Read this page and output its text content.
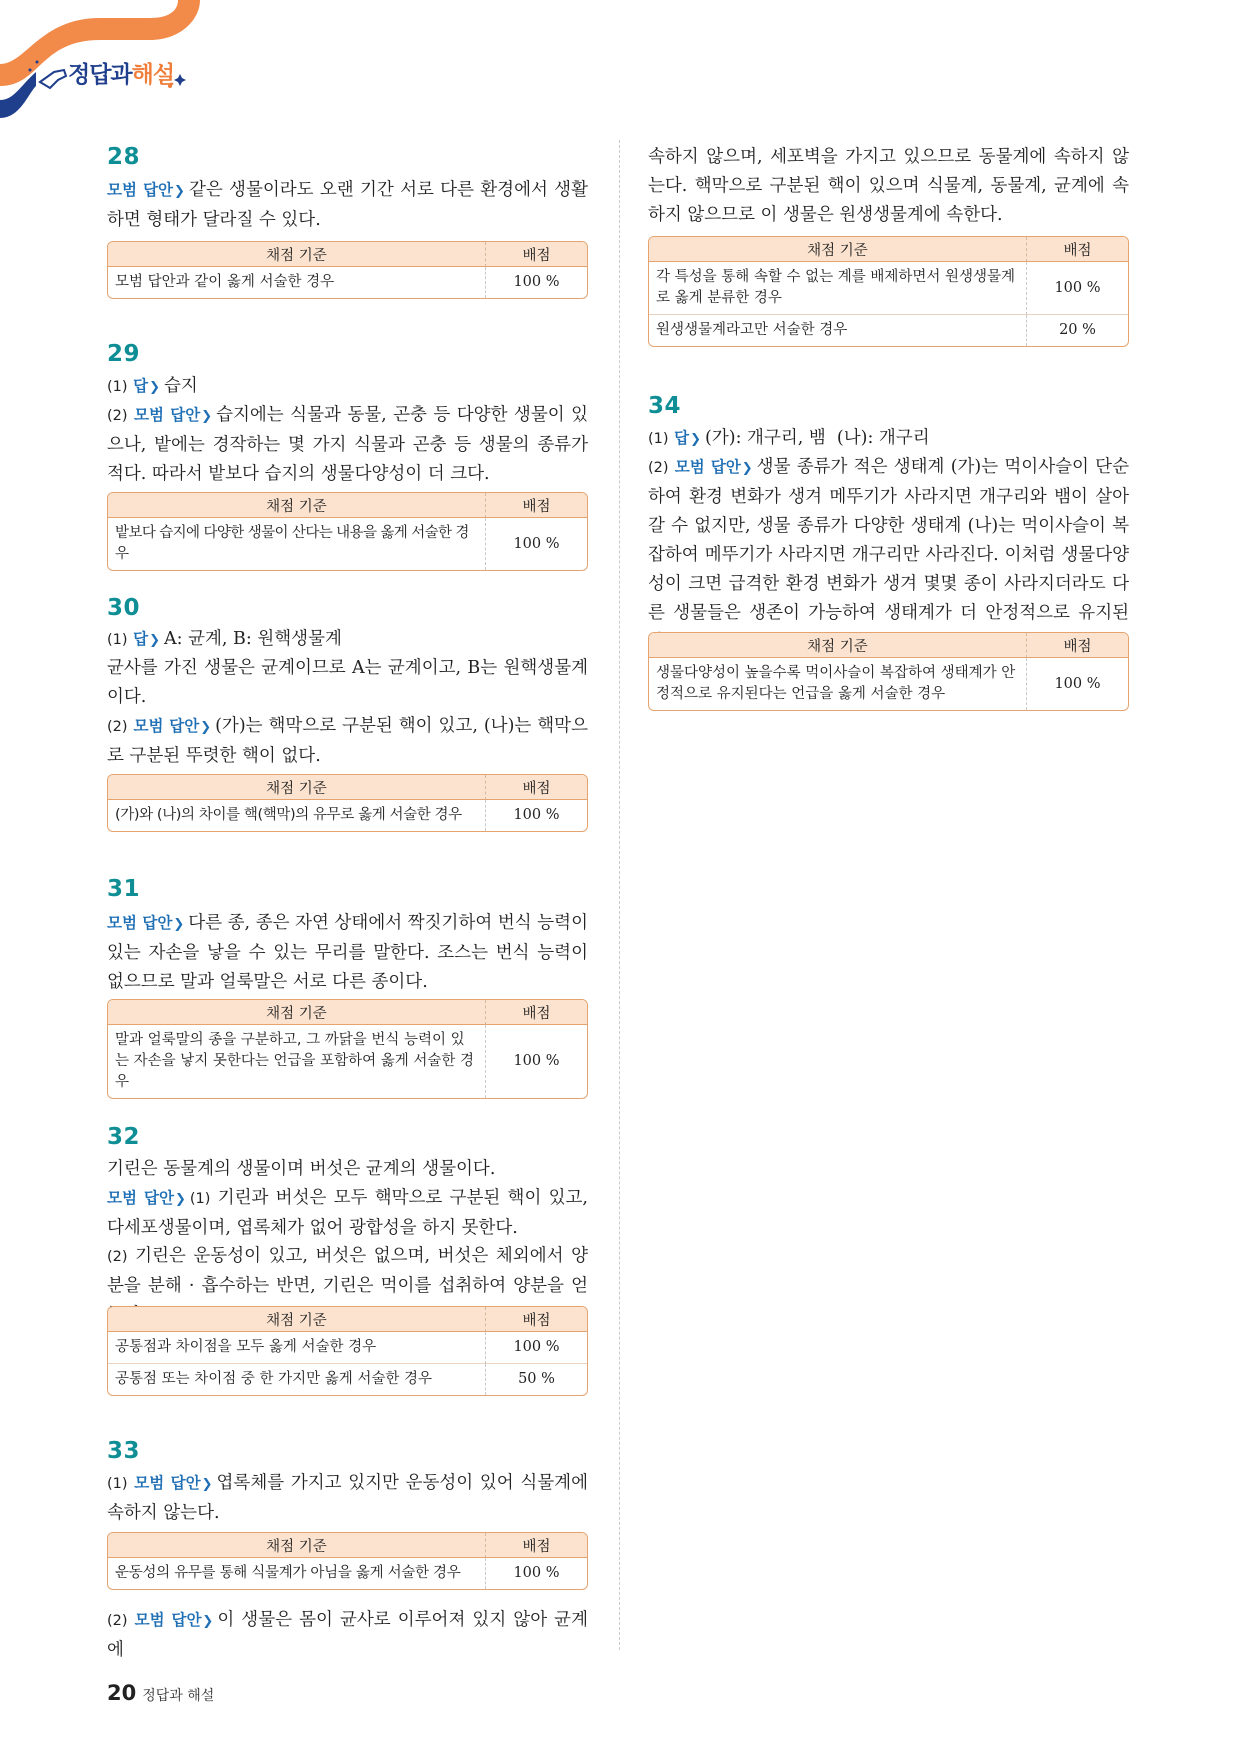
정답과해설
28

모범 답안❯ 같은 생물이라도 오랜 기간 서로 다른 환경에서 생활하면 형태가 달라질 수 있다.

채점 기준	배점
모범 답안과 같이 옳게 서술한 경우	100 %
29

(1) 답❯ 습지

(2) 모범 답안❯ 습지에는 식물과 동물, 곤충 등 다양한 생물이 있으나, 밭에는 경작하는 몇 가지 식물과 곤충 등 생물의 종류가 적다. 따라서 밭보다 습지의 생물다양성이 더 크다.

채점 기준	배점
밭보다 습지에 다양한 생물이 산다는 내용을 옳게 서술한 경우	100 %
30

(1) 답❯ A: 균계, B: 원핵생물계

균사를 가진 생물은 균계이므로 A는 균계이고, B는 원핵생물계이다.

(2) 모범 답안❯ (가)는 핵막으로 구분된 핵이 있고, (나)는 핵막으로 구분된 뚜렷한 핵이 없다.

채점 기준	배점
(가)와 (나)의 차이를 핵(핵막)의 유무로 옳게 서술한 경우	100 %
31

모범 답안❯ 다른 종, 종은 자연 상태에서 짝짓기하여 번식 능력이 있는 자손을 낳을 수 있는 무리를 말한다. 조스는 번식 능력이 없으므로 말과 얼룩말은 서로 다른 종이다.

채점 기준	배점
말과 얼룩말의 종을 구분하고, 그 까닭을 번식 능력이 있는 자손을 낳지 못한다는 언급을 포함하여 옳게 서술한 경우	100 %
32

기린은 동물계의 생물이며 버섯은 균계의 생물이다.

모범 답안❯ (1) 기린과 버섯은 모두 핵막으로 구분된 핵이 있고, 다세포생물이며, 엽록체가 없어 광합성을 하지 못한다.

(2) 기린은 운동성이 있고, 버섯은 없으며, 버섯은 체외에서 양분을 분해 · 흡수하는 반면, 기린은 먹이를 섭취하여 양분을 얻

채점 기준	배점
공통점과 차이점을 모두 옳게 서술한 경우	100 %
공통점 또는 차이점 중 한 가지만 옳게 서술한 경우	50 %
33

(1) 모범 답안❯ 엽록체를 가지고 있지만 운동성이 있어 식물계에 속하지 않는다.

채점 기준	배점
운동성의 유무를 통해 식물계가 아님을 옳게 서술한 경우	100 %

(2) 모범 답안❯ 이 생물은 몸이 균사로 이루어져 있지 않아 균계에

속하지 않으며, 세포벽을 가지고 있으므로 동물계에 속하지 않는다. 핵막으로 구분된 핵이 있으며 식물계, 동물계, 균계에 속하지 않으므로 이 생물은 원생생물계에 속한다.

채점 기준	배점
각 특성을 통해 속할 수 없는 계를 배제하면서 원생생물계로 옳게 분류한 경우	100 %
원생생물계라고만 서술한 경우	20 %
34

(1) 답❯ (가): 개구리, 뱀  (나): 개구리

(2) 모범 답안❯ 생물 종류가 적은 생태계 (가)는 먹이사슬이 단순하여 환경 변화가 생겨 메뚜기가 사라지면 개구리와 뱀이 살아갈 수 없지만, 생물 종류가 다양한 생태계 (나)는 먹이사슬이 복잡하여 메뚜기가 사라지면 개구리만 사라진다. 이처럼 생물다양성이 크면 급격한 환경 변화가 생겨 몇몇 종이 사라지더라도 다른 생물들은 생존이 가능하여 생태계가 더 안정적으로 유지된

채점 기준	배점
생물다양성이 높을수록 먹이사슬이 복잡하여 생태계가 안정적으로 유지된다는 언급을 옳게 서술한 경우	100 %
20 정답과 해설
